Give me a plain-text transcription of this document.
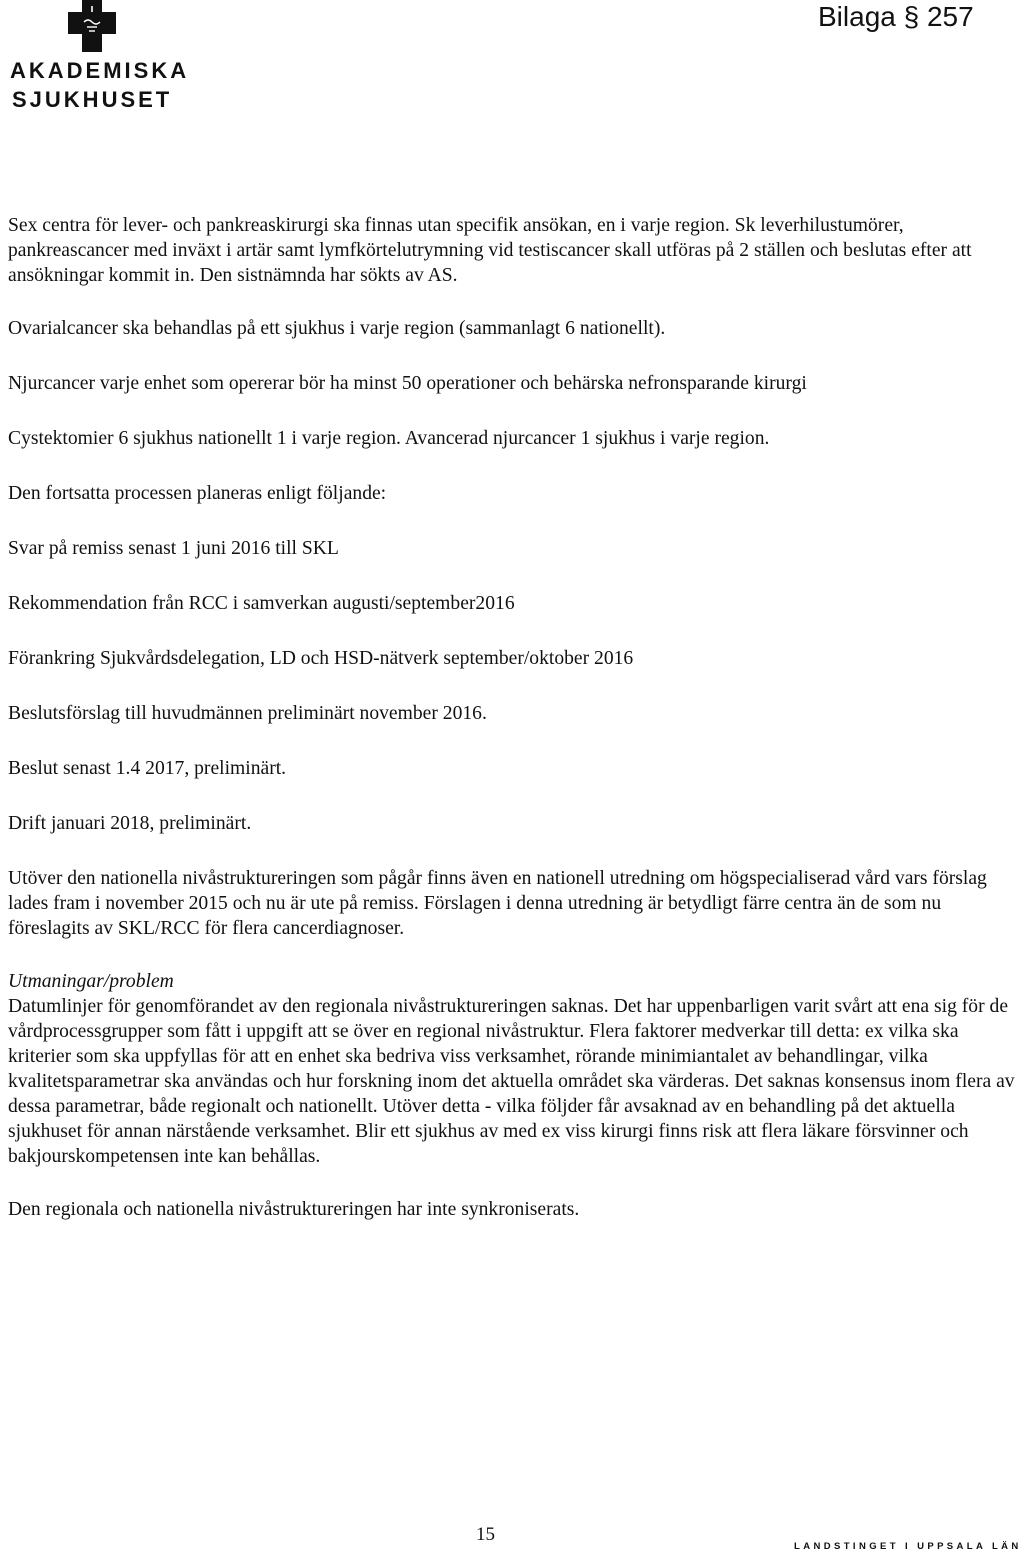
AKADEMISKA
SJUKHUSET
Bilaga § 257

Sex centra för lever- och pankreaskirurgi ska finnas utan specifik ansökan, en i varje region. Sk leverhilustumörer, pankreascancer med inväxt i artär samt lymfkörtelutrymning vid testiscancer skall utföras på 2 ställen och beslutas efter att ansökningar kommit in. Den sistnämnda har sökts av AS.

Ovarialcancer ska behandlas på ett sjukhus i varje region (sammanlagt 6 nationellt).

Njurcancer varje enhet som opererar bör ha minst 50 operationer och behärska nefronsparande kirurgi

Cystektomier 6 sjukhus nationellt 1 i varje region. Avancerad njurcancer 1 sjukhus i varje region.

Den fortsatta processen planeras enligt följande:

Svar på remiss senast 1 juni 2016 till SKL

Rekommendation från RCC i samverkan augusti/september2016

Förankring Sjukvårdsdelegation, LD och HSD-nätverk september/oktober 2016

Beslutsförslag till huvudmännen preliminärt november 2016.

Beslut senast 1.4 2017, preliminärt.

Drift januari 2018, preliminärt.

Utöver den nationella nivåstruktureringen som pågår finns även en nationell utredning om högspecialiserad vård vars förslag lades fram i november 2015 och nu är ute på remiss. Förslagen i denna utredning är betydligt färre centra än de som nu föreslagits av SKL/RCC för flera cancerdiagnoser.

Utmaningar/problem
Datumlinjer för genomförandet av den regionala nivåstruktureringen saknas. Det har uppenbarligen varit svårt att ena sig för de vårdprocessgrupper som fått i uppgift att se över en regional nivåstruktur. Flera faktorer medverkar till detta: ex vilka ska kriterier som ska uppfyllas för att en enhet ska bedriva viss verksamhet, rörande minimiantalet av behandlingar, vilka kvalitetsparametrar ska användas och hur forskning inom det aktuella området ska värderas. Det saknas konsensus inom flera av dessa parametrar, både regionalt och nationellt. Utöver detta - vilka följder får avsaknad av en behandling på det aktuella sjukhuset för annan närstående verksamhet. Blir ett sjukhus av med ex viss kirurgi finns risk att flera läkare försvinner och bakjourskompetensen inte kan behållas.

Den regionala och nationella nivåstruktureringen har inte synkroniserats.

15
LANDSTINGET I UPPSALA LÄN
